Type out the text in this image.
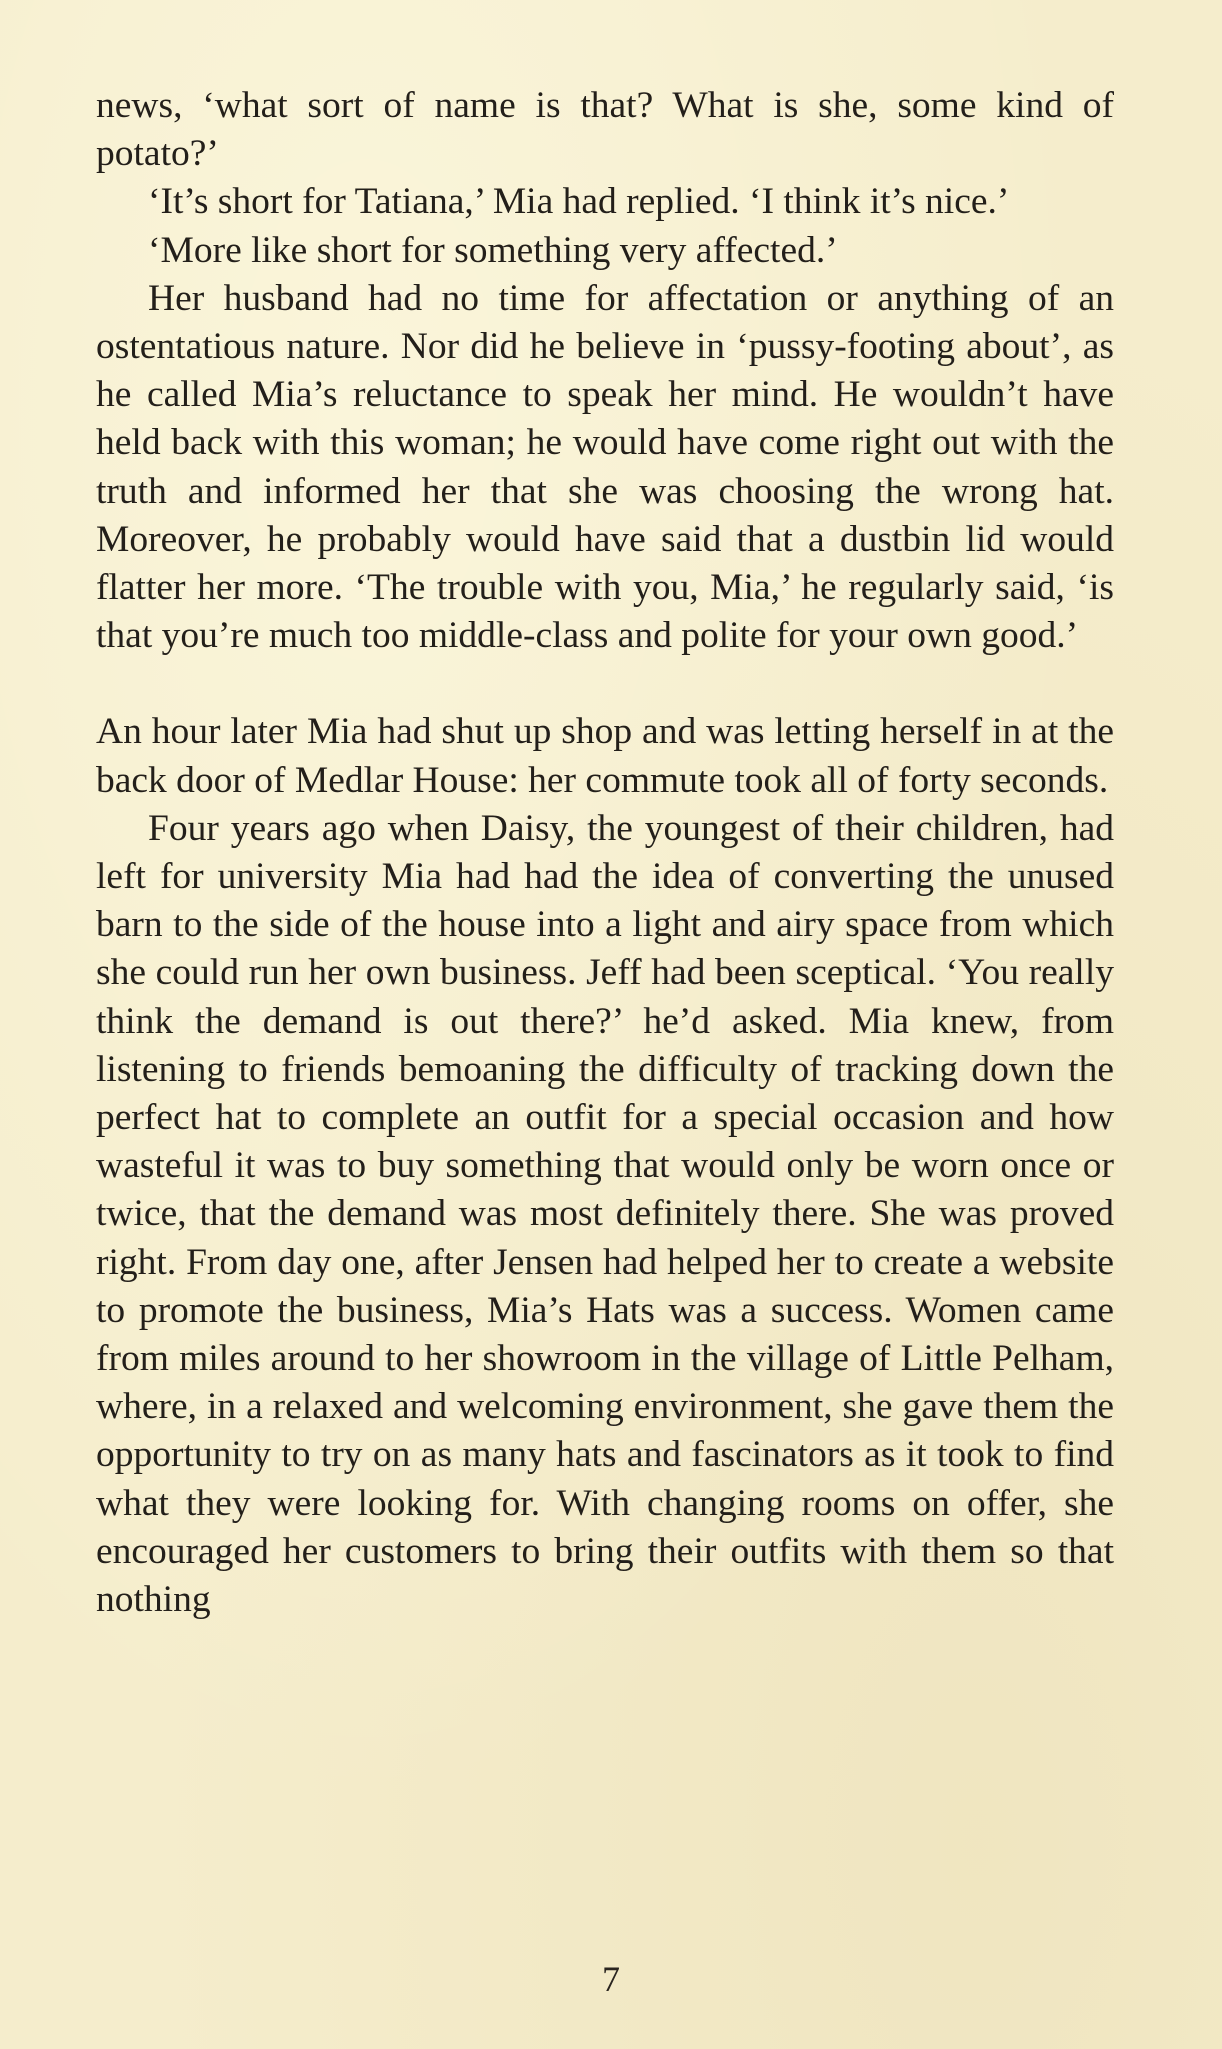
news, ‘what sort of name is that? What is she, some kind of potato?’

‘It’s short for Tatiana,’ Mia had replied. ‘I think it’s nice.’

‘More like short for something very affected.’

Her husband had no time for affectation or anything of an ostentatious nature. Nor did he believe in ‘pussy-footing about’, as he called Mia’s reluctance to speak her mind. He wouldn’t have held back with this woman; he would have come right out with the truth and informed her that she was choosing the wrong hat. Moreover, he probably would have said that a dustbin lid would flatter her more. ‘The trouble with you, Mia,’ he regularly said, ‘is that you’re much too middle-class and polite for your own good.’

An hour later Mia had shut up shop and was letting herself in at the back door of Medlar House: her commute took all of forty seconds.

Four years ago when Daisy, the youngest of their children, had left for university Mia had had the idea of converting the unused barn to the side of the house into a light and airy space from which she could run her own business. Jeff had been sceptical. ‘You really think the demand is out there?’ he’d asked. Mia knew, from listening to friends bemoaning the difficulty of tracking down the perfect hat to complete an outfit for a special occasion and how wasteful it was to buy something that would only be worn once or twice, that the demand was most definitely there. She was proved right. From day one, after Jensen had helped her to create a website to promote the business, Mia’s Hats was a success. Women came from miles around to her showroom in the village of Little Pelham, where, in a relaxed and welcoming environment, she gave them the opportunity to try on as many hats and fascinators as it took to find what they were looking for. With changing rooms on offer, she encouraged her customers to bring their outfits with them so that nothing

7
